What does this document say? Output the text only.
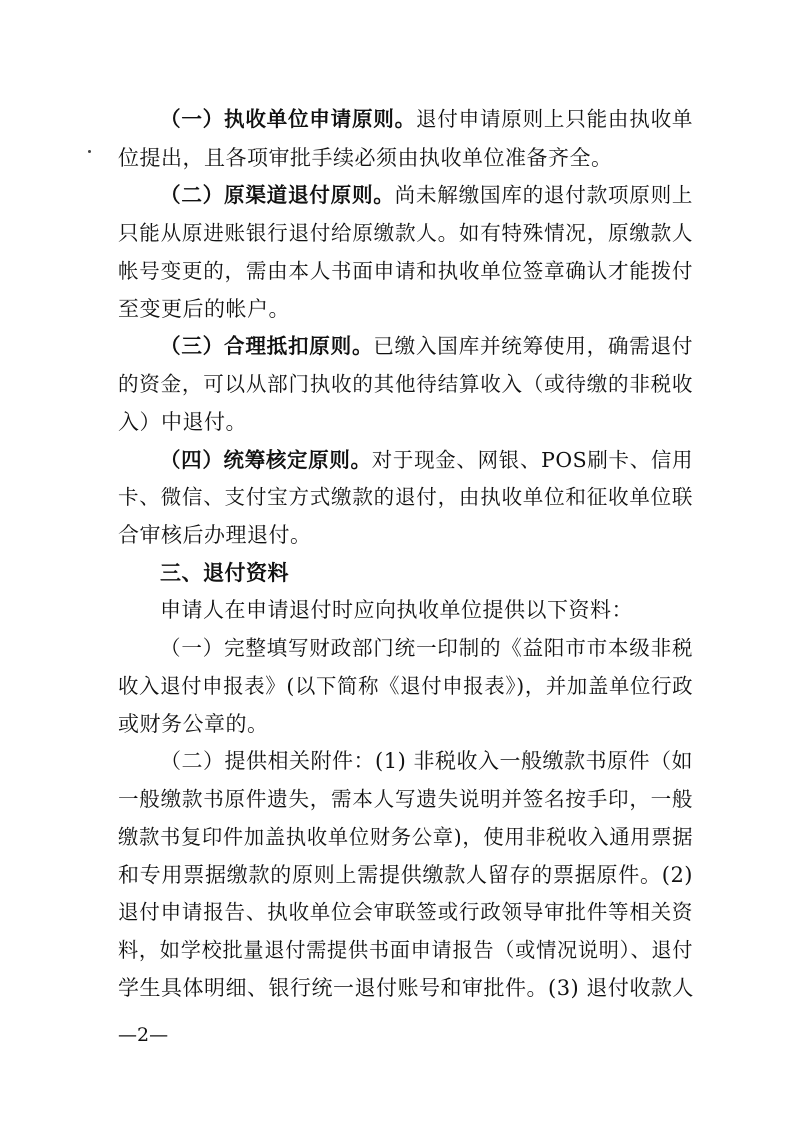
（一）执收单位申请原则。退付申请原则上只能由执收单
位提出，且各项审批手续必须由执收单位准备齐全。
（二）原渠道退付原则。尚未解缴国库的退付款项原则上
只能从原进账银行退付给原缴款人。如有特殊情况，原缴款人
帐号变更的，需由本人书面申请和执收单位签章确认才能拨付
至变更后的帐户。
（三）合理抵扣原则。已缴入国库并统筹使用，确需退付
的资金，可以从部门执收的其他待结算收入（或待缴的非税收
入）中退付。
（四）统筹核定原则。对于现金、网银、POS刷卡、信用
卡、微信、支付宝方式缴款的退付，由执收单位和征收单位联
合审核后办理退付。
三、退付资料
申请人在申请退付时应向执收单位提供以下资料：
（一）完整填写财政部门统一印制的《益阳市市本级非税
收入退付申报表》(以下简称《退付申报表》)，并加盖单位行政
或财务公章的。
（二）提供相关附件：(1) 非税收入一般缴款书原件（如
一般缴款书原件遗失，需本人写遗失说明并签名按手印，一般
缴款书复印件加盖执收单位财务公章)，使用非税收入通用票据
和专用票据缴款的原则上需提供缴款人留存的票据原件。(2)
退付申请报告、执收单位会审联签或行政领导审批件等相关资
料，如学校批量退付需提供书面申请报告（或情况说明）、退付
学生具体明细、银行统一退付账号和审批件。(3) 退付收款人
—2—
